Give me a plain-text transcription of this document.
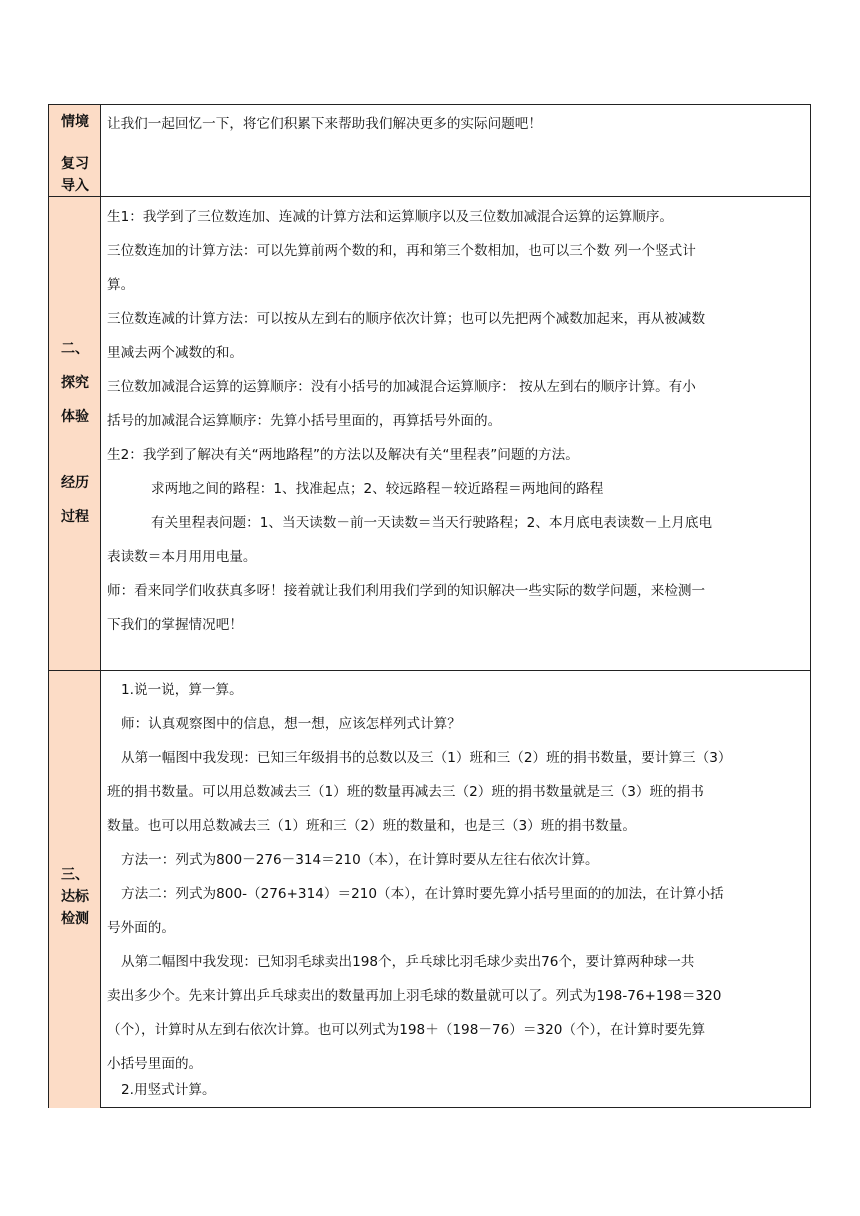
情境
复习
导入
让我们一起回忆一下，将它们积累下来帮助我们解决更多的实际问题吧！
二、
探究
体验
经历
过程
生1：我学到了三位数连加、连减的计算方法和运算顺序以及三位数加减混合运算的运算顺序。
三位数连加的计算方法：可以先算前两个数的和，再和第三个数相加，也可以三个数 列一个竖式计
算。
三位数连减的计算方法：可以按从左到右的顺序依次计算；也可以先把两个减数加起来，再从被减数
里减去两个减数的和。
三位数加减混合运算的运算顺序：没有小括号的加减混合运算顺序： 按从左到右的顺序计算。有小
括号的加减混合运算顺序：先算小括号里面的，再算括号外面的。
生2：我学到了解决有关“两地路程”的方法以及解决有关“里程表”问题的方法。
求两地之间的路程：1、找准起点；2、较远路程－较近路程＝两地间的路程
有关里程表问题：1、当天读数－前一天读数＝当天行驶路程；2、本月底电表读数－上月底电
表读数＝本月用用电量。
师：看来同学们收获真多呀！接着就让我们利用我们学到的知识解决一些实际的数学问题，来检测一
下我们的掌握情况吧！
三、
达标
检测
1.说一说，算一算。
师：认真观察图中的信息，想一想，应该怎样列式计算？
从第一幅图中我发现：已知三年级捐书的总数以及三（1）班和三（2）班的捐书数量，要计算三（3）
班的捐书数量。可以用总数减去三（1）班的数量再减去三（2）班的捐书数量就是三（3）班的捐书
数量。也可以用总数减去三（1）班和三（2）班的数量和，也是三（3）班的捐书数量。
方法一：列式为800－276－314＝210（本），在计算时要从左往右依次计算。
方法二：列式为800-（276+314）＝210（本），在计算时要先算小括号里面的的加法，在计算小括
号外面的。
从第二幅图中我发现：已知羽毛球卖出198个，乒乓球比羽毛球少卖出76个，要计算两种球一共
卖出多少个。先来计算出乒乓球卖出的数量再加上羽毛球的数量就可以了。列式为198-76+198＝320
（个），计算时从左到右依次计算。也可以列式为198＋（198－76）＝320（个），在计算时要先算
小括号里面的。
2.用竖式计算。
